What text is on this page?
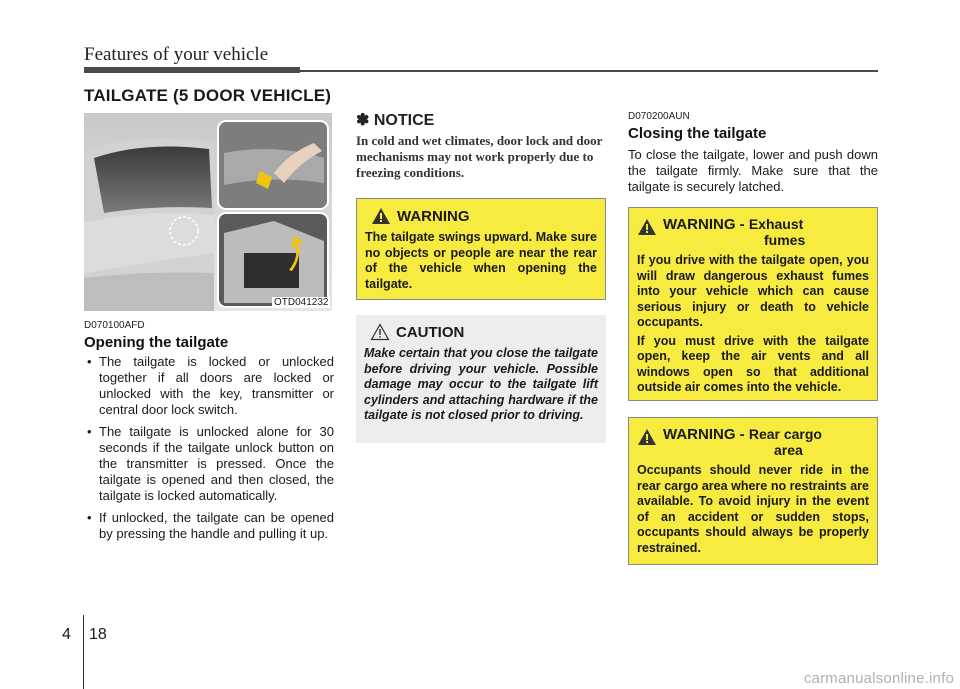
Features of your vehicle
TAILGATE (5 DOOR VEHICLE)
OTD041232
D070100AFD
Opening the tailgate
• The tailgate is locked or unlocked together if all doors are locked or unlocked with the key, transmitter or central door lock switch.
• The tailgate is unlocked alone for 30 seconds if the tailgate unlock button on the transmitter is pressed. Once the tailgate is opened and then closed, the tailgate is locked automatically.
• If unlocked, the tailgate can be opened by pressing the handle and pulling it up.
✽ NOTICE
In cold and wet climates, door lock and door mechanisms may not work properly due to freezing conditions.
WARNING
The tailgate swings upward. Make sure no objects or people are near the rear of the vehicle when opening the tailgate.
CAUTION
Make certain that you close the tailgate before driving your vehicle. Possible damage may occur to the tailgate lift cylinders and attaching hardware if the tailgate is not closed prior to driving.
D070200AUN
Closing the tailgate
To close the tailgate, lower and push down the tailgate firmly. Make sure that the tailgate is securely latched.
WARNING - Exhaust
fumes
If you drive with the tailgate open, you will draw dangerous exhaust fumes into your vehicle which can cause serious injury or death to vehicle occupants.
If you must drive with the tailgate open, keep the air vents and all windows open so that additional outside air comes into the vehicle.
WARNING - Rear cargo
area
Occupants should never ride in the rear cargo area where no restraints are available. To avoid injury in the event of an accident or sudden stops, occupants should always be properly restrained.
4 18
carmanualsonline.info
